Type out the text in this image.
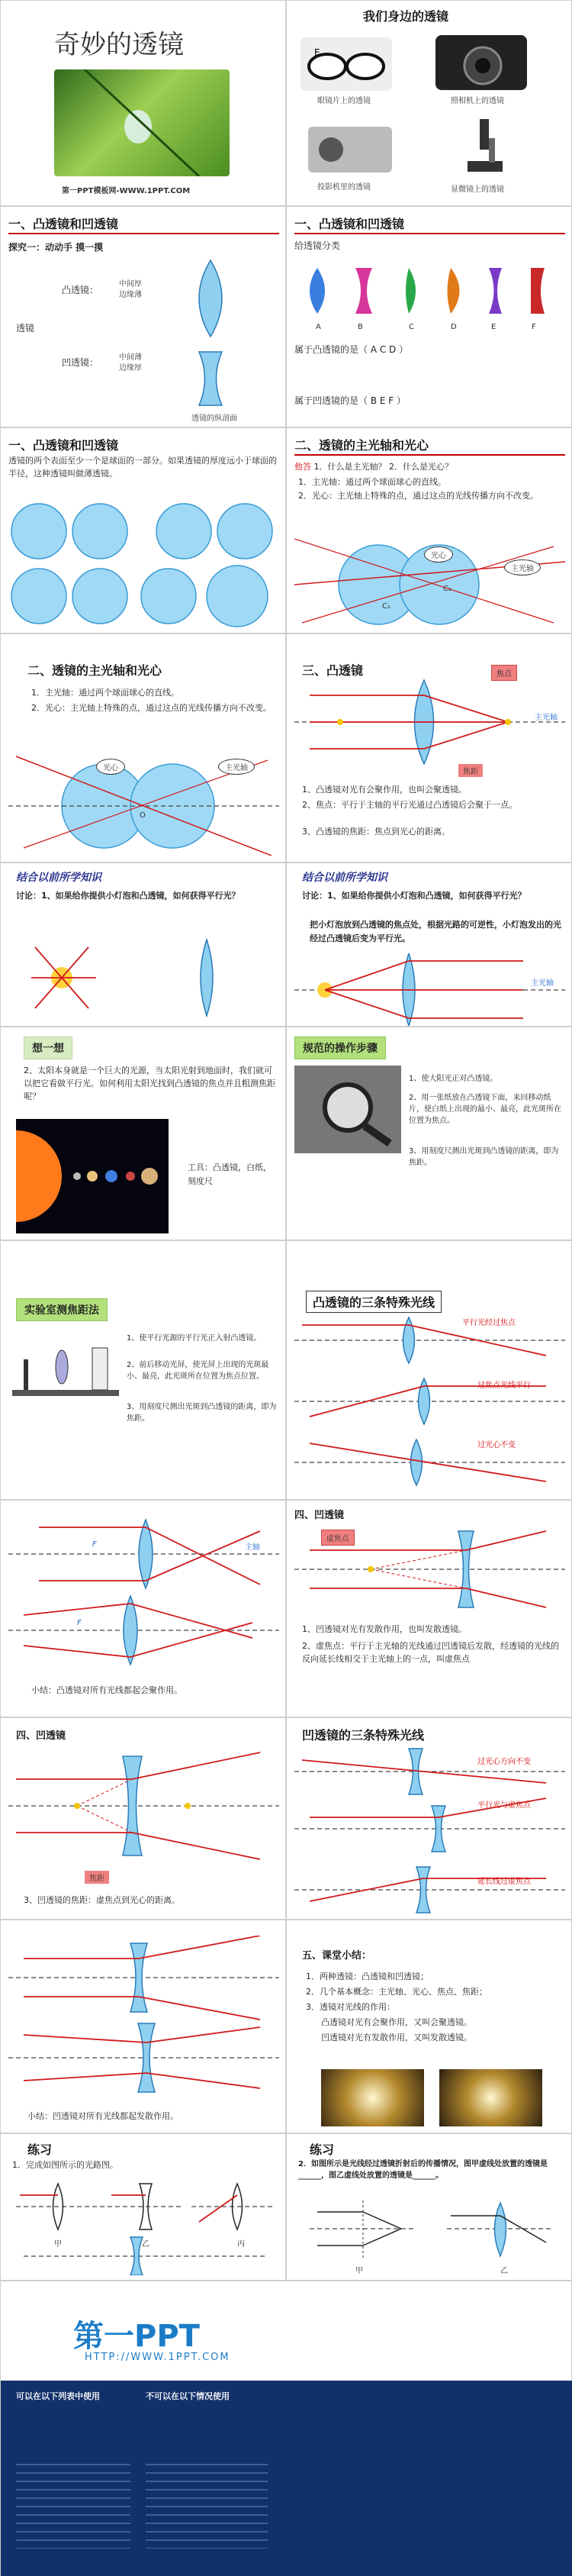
奇妙的透镜
第一PPT模板网-WWW.1PPT.COM
我们身边的透镜
E
眼镜片上的透镜	照相机上的透镜
投影机里的透镜	显微镜上的透镜
一、凸透镜和凹透镜
探究一：动动手 摸一摸
透镜
凸透镜：
中间厚
边缘薄
凹透镜：	中间薄
边缘厚
透镜的纵剖面
一、凸透镜和凹透镜
给透镜分类
A	B	C	D	E	F
属于凸透镜的是（ A C D ）
属于凹透镜的是（ B E F ）
一、凸透镜和凹透镜
透镜的两个表面至少一个是球面的一部分。如果透镜的厚度远小于球面的半径，这种透镜叫做薄透镜。
二、透镜的主光轴和光心
他答 1．什么是主光轴？ 2．什么是光心？
1．主光轴：通过两个球面球心的直线。
2．光心：主光轴上特殊的点，通过这点的光线传播方向不改变。
光心
主光轴
C₁
C₂
二、透镜的主光轴和光心
1．主光轴：通过两个球面球心的直线。
2．光心：主光轴上特殊的点，通过这点的光线传播方向不改变。
光心	主光轴
O
三、凸透镜	焦点
主光轴
焦距
1、凸透镜对光有会聚作用，也叫会聚透镜。
2、焦点：平行于主轴的平行光通过凸透镜后会聚于一点。
3、凸透镜的焦距：焦点到光心的距离。
结合以前所学知识
讨论：1、如果给你提供小灯泡和凸透镜，如何获得平行光？
结合以前所学知识
讨论：1、如果给你提供小灯泡和凸透镜，如何获得平行光？
把小灯泡放到凸透镜的焦点处，根据光路的可逆性，小灯泡发出的光经过凸透镜后变为平行光。
主光轴
想一想
2、太阳本身就是一个巨大的光源，当太阳光射到地面时，我们就可以把它看做平行光。如何利用太阳光找到凸透镜的焦点并且粗测焦距呢？
工具：凸透镜，白纸，刻度尺
规范的操作步骤
1、使大阳光正对凸透镜。
2、用一张纸放在凸透镜下面，来回移动纸片，使白纸上出现的最小、最亮，此光斑所在位置为焦点。
3、用刻度尺测出光斑到凸透镜的距离，即为焦距。
实验室测焦距法
1、使平行光源的平行光正入射凸透镜。
2、前后移动光屏，使光屏上出现的光斑最小、最亮，此光斑所在位置为焦点位置。
3、用刻度尺测出光斑到凸透镜的距离，即为焦距。
凸透镜的三条特殊光线
平行光经过焦点
过焦点光线平行
过光心不变
主轴
F
F
小结：凸透镜对所有光线都起会聚作用。
四、凹透镜
虚焦点
1、凹透镜对光有发散作用，也叫发散透镜。
2、虚焦点：平行于主光轴的光线通过凹透镜后发散，经透镜的光线的反向延长线相交于主光轴上的一点，叫虚焦点
四、凹透镜
焦距
3、凹透镜的焦距：虚焦点到光心的距离。
凹透镜的三条特殊光线
过光心方向不变
平行光与虚焦点
延长线过虚焦点
小结：凹透镜对所有光线都起发散作用。
五、课堂小结：
1．两种透镜：凸透镜和凹透镜；
2．几个基本概念：主光轴、光心、焦点、焦距；
3．透镜对光线的作用：
凸透镜对光有会聚作用，又叫会聚透镜。
凹透镜对光有发散作用，又叫发散透镜。
练习
1．完成如图所示的光路图。
甲	乙	丙
练习
2．如图所示是光线经过透镜折射后的传播情况，图甲虚线处放置的透镜是______，图乙虚线处放置的透镜是______。
甲	乙
第一PPT
HTTP://WWW.1PPT.COM
可以在以下列表中使用	不可以在以下情况使用
